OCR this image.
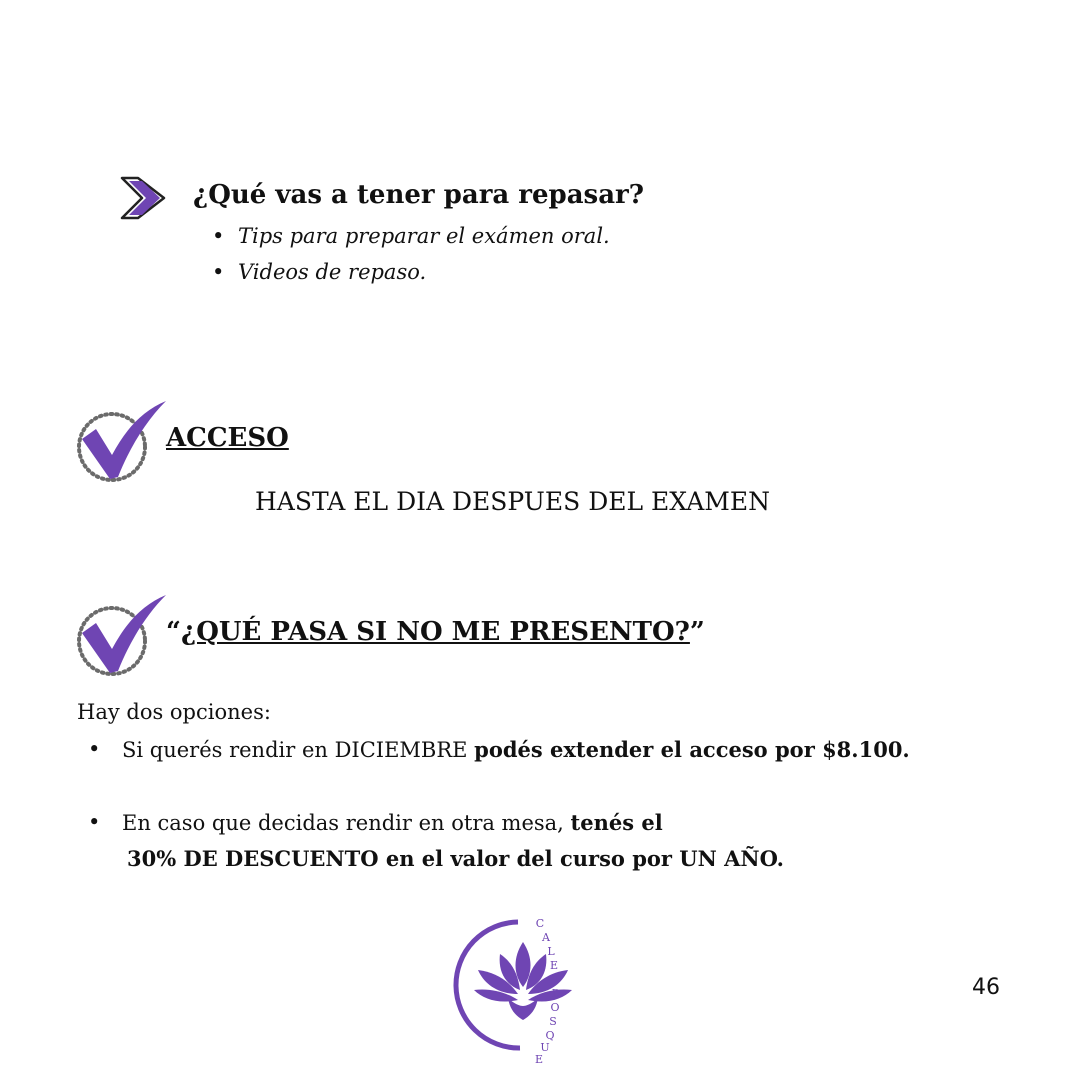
¿Qué vas a tener para repasar?
• Tips para preparar el exámen oral.
• Videos de repaso.
ACCESO
HASTA EL DIA DESPUES DEL EXAMEN
“¿QUÉ PASA SI NO ME PRESENTO?”
Hay dos opciones:
• Si querés rendir en DICIEMBRE podés extender el acceso por $8.100.
• En caso que decidas rendir en otra mesa, tenés el
30% DE DESCUENTO en el valor del curso por UN AÑO.
C
A
L
E
I
D
O
S
Q
U
E
46
